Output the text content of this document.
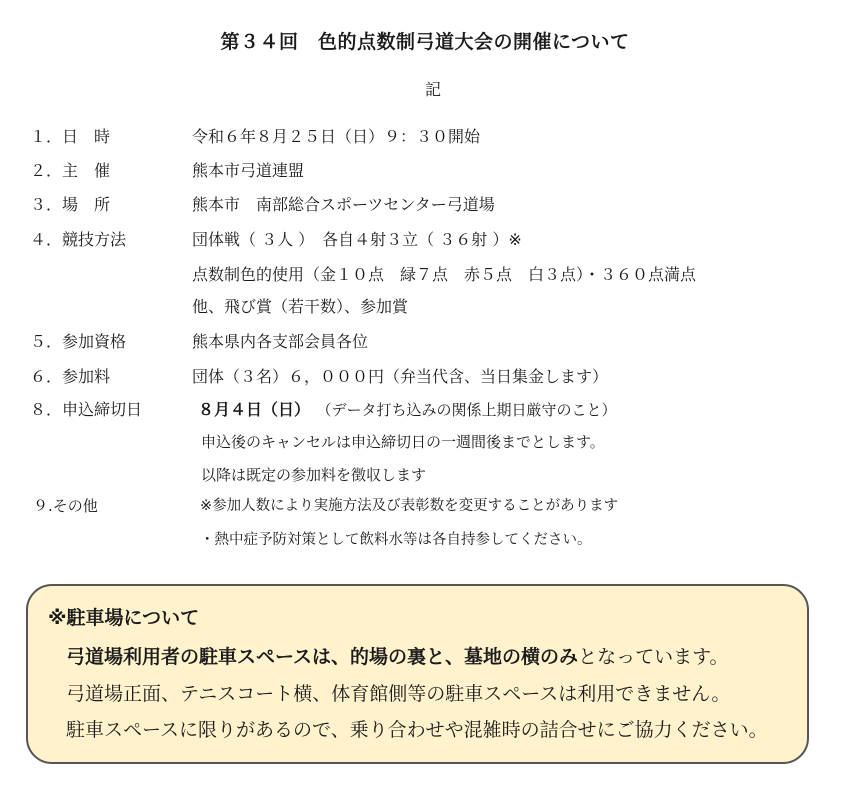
第３４回　色的点数制弓道大会の開催について
記
１．日　時	令和６年８月２５日（日）９：３０開始
２．主　催	熊本市弓道連盟
３．場　所	熊本市　南部総合スポーツセンター弓道場
４．競技方法	団体戦（ ３人 ）　各自４射３立（ ３６射 ）※
点数制色的使用（金１０点　緑７点　赤５点　白３点）・３６０点満点
他、飛び賞（若干数）、参加賞
５．参加資格	熊本県内各支部会員各位
６．参加料	団体（３名）６，０００円（弁当代含、当日集金します）
８．申込締切日	８月４日（日） （データ打ち込みの関係上期日厳守のこと）
申込後のキャンセルは申込締切日の一週間後までとします。
以降は既定の参加料を徴収します
９.その他	※参加人数により実施方法及び表彰数を変更することがあります
・熱中症予防対策として飲料水等は各自持参してください。
※駐車場について
弓道場利用者の駐車スペースは、的場の裏と、墓地の横のみとなっています。
弓道場正面、テニスコート横、体育館側等の駐車スペースは利用できません。
駐車スペースに限りがあるので、乗り合わせや混雑時の詰合せにご協力ください。
